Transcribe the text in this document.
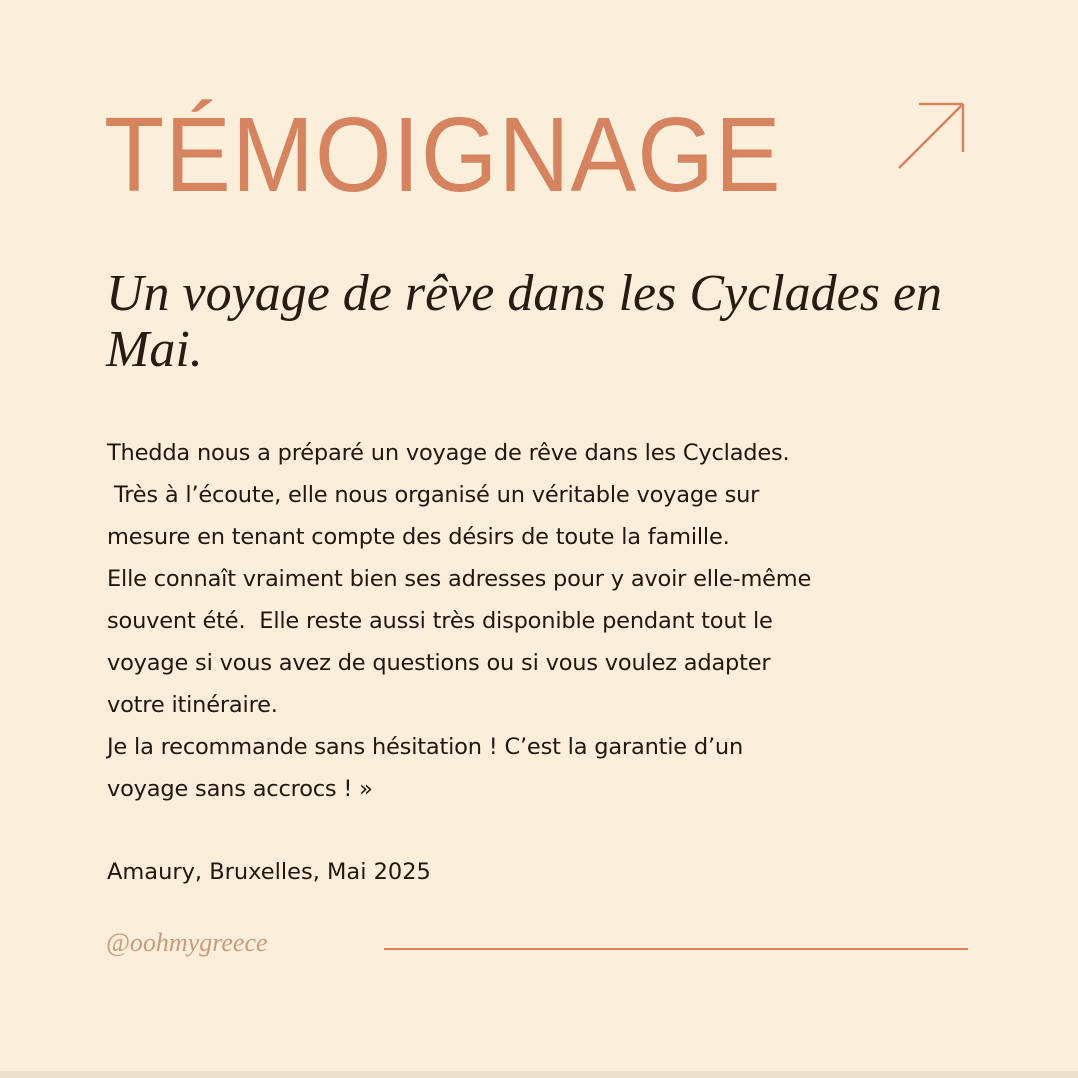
TÉMOIGNAGE
Un voyage de rêve dans les Cyclades en Mai.
Thedda nous a préparé un voyage de rêve dans les Cyclades.
Très à l’écoute, elle nous organisé un véritable voyage sur
mesure en tenant compte des désirs de toute la famille.
Elle connaît vraiment bien ses adresses pour y avoir elle-même
souvent été.  Elle reste aussi très disponible pendant tout le
voyage si vous avez de questions ou si vous voulez adapter
votre itinéraire.
Je la recommande sans hésitation ! C’est la garantie d’un
voyage sans accrocs ! »
Amaury, Bruxelles, Mai 2025
@oohmygreece
